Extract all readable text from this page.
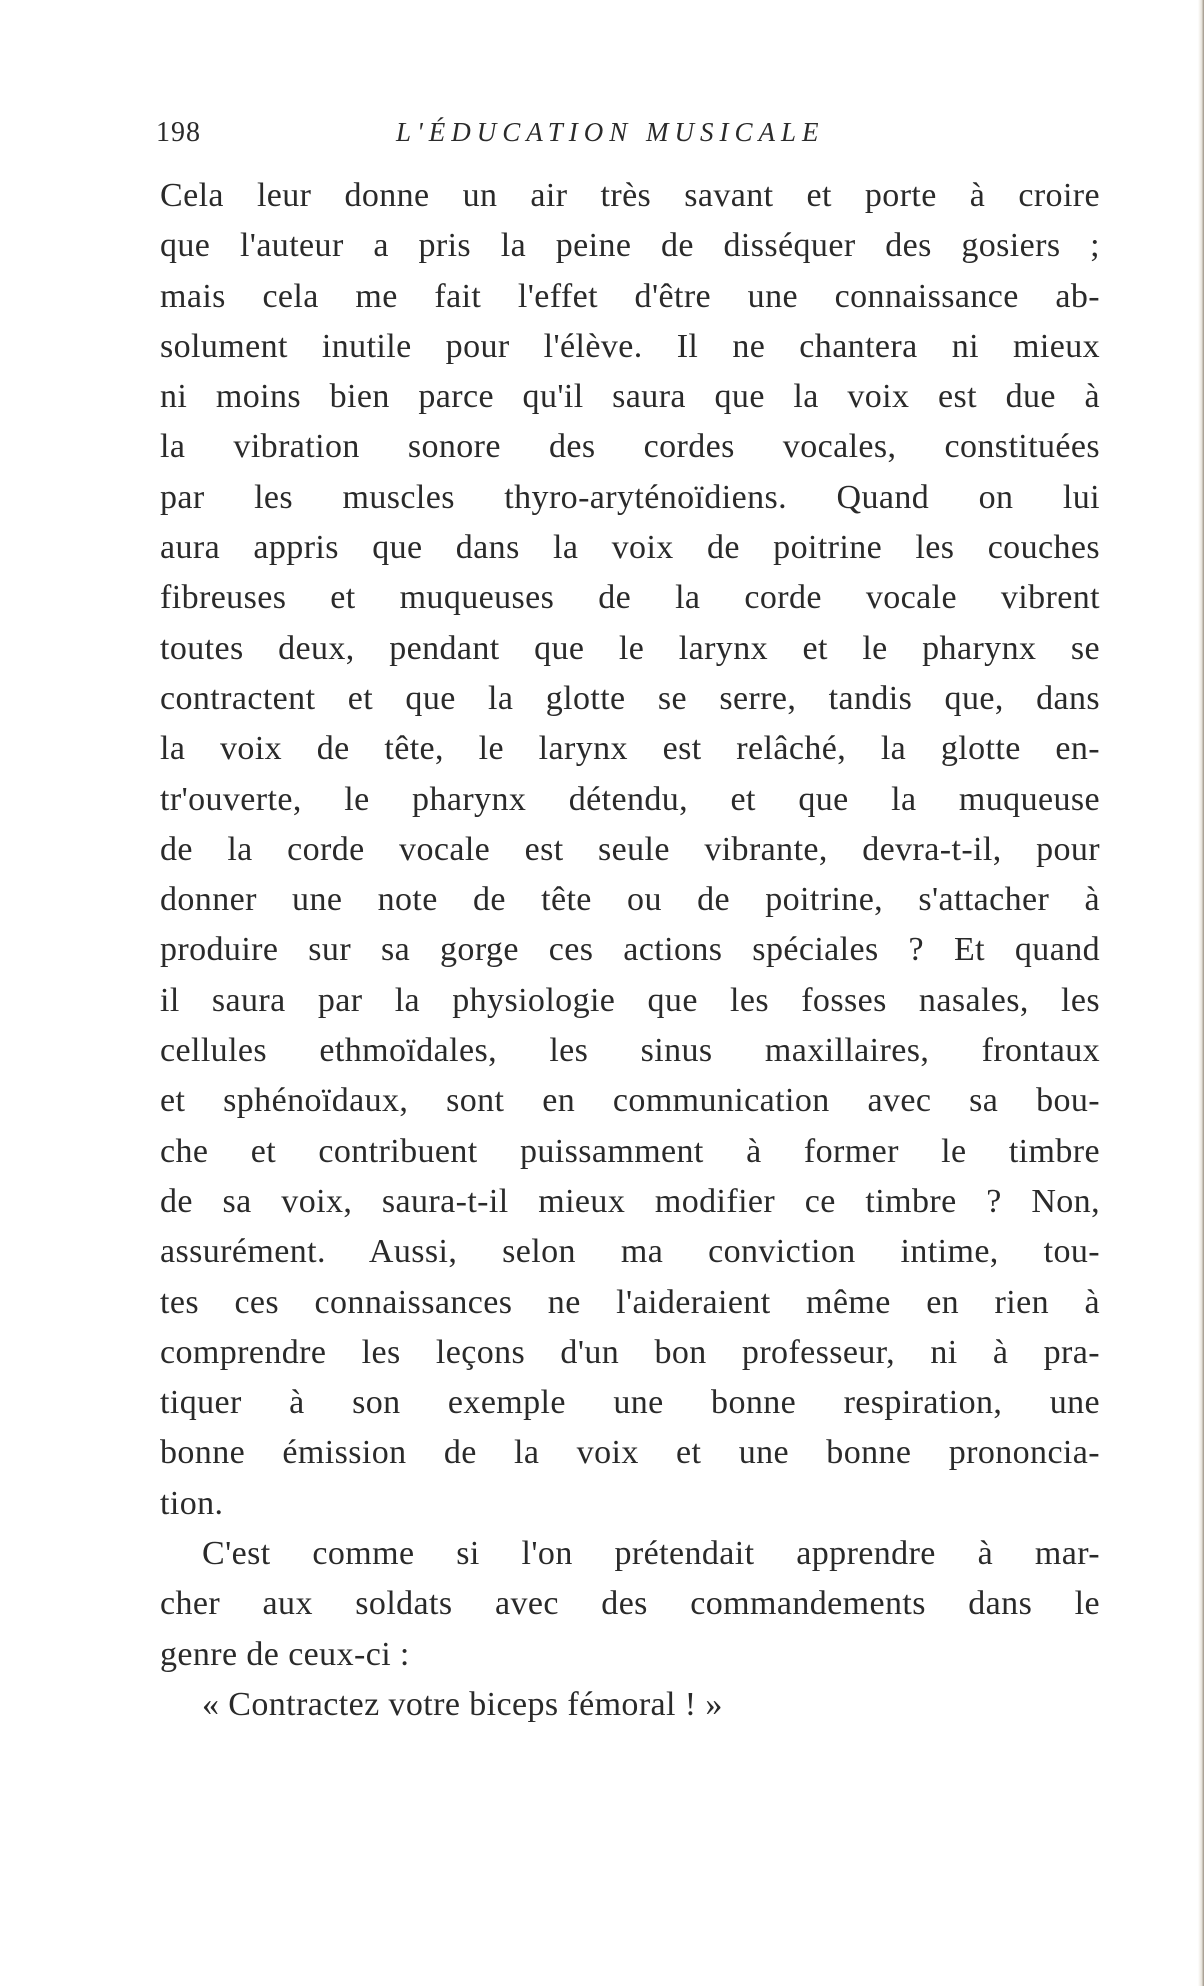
198	L'ÉDUCATION MUSICALE
Cela leur donne un air très savant et porte à croire
que l'auteur a pris la peine de disséquer des gosiers ;
mais cela me fait l'effet d'être une connaissance ab-
solument inutile pour l'élève. Il ne chantera ni mieux
ni moins bien parce qu'il saura que la voix est due à
la vibration sonore des cordes vocales, constituées
par les muscles thyro-aryténoïdiens. Quand on lui
aura appris que dans la voix de poitrine les couches
fibreuses et muqueuses de la corde vocale vibrent
toutes deux, pendant que le larynx et le pharynx se
contractent et que la glotte se serre, tandis que, dans
la voix de tête, le larynx est relâché, la glotte en-
tr'ouverte, le pharynx détendu, et que la muqueuse
de la corde vocale est seule vibrante, devra-t-il, pour
donner une note de tête ou de poitrine, s'attacher à
produire sur sa gorge ces actions spéciales ? Et quand
il saura par la physiologie que les fosses nasales, les
cellules ethmoïdales, les sinus maxillaires, frontaux
et sphénoïdaux, sont en communication avec sa bou-
che et contribuent puissamment à former le timbre
de sa voix, saura-t-il mieux modifier ce timbre ? Non,
assurément. Aussi, selon ma conviction intime, tou-
tes ces connaissances ne l'aideraient même en rien à
comprendre les leçons d'un bon professeur, ni à pra-
tiquer à son exemple une bonne respiration, une
bonne émission de la voix et une bonne prononcia-
tion.
C'est comme si l'on prétendait apprendre à mar-
cher aux soldats avec des commandements dans le
genre de ceux-ci :
« Contractez votre biceps fémoral ! »
